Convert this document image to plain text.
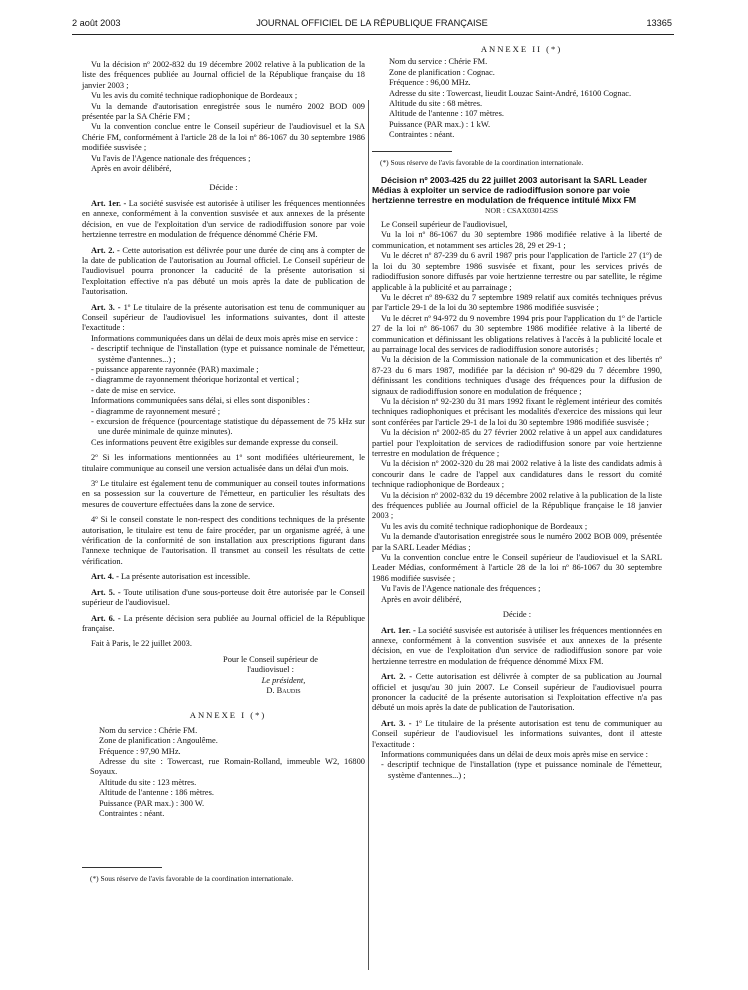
2 août 2003	JOURNAL OFFICIEL DE LA RÉPUBLIQUE FRANÇAISE	13365

Vu la décision nº 2002-832 du 19 décembre 2002 relative à la publication de la liste des fréquences publiée au Journal officiel de la République française du 18 janvier 2003 ;

Vu les avis du comité technique radiophonique de Bordeaux ;

Vu la demande d'autorisation enregistrée sous le numéro 2002 BOD 009 présentée par la SA Chérie FM ;

Vu la convention conclue entre le Conseil supérieur de l'audiovisuel et la SA Chérie FM, conformément à l'article 28 de la loi nº 86-1067 du 30 septembre 1986 modifiée susvisée ;

Vu l'avis de l'Agence nationale des fréquences ;

Après en avoir délibéré,

Décide :

Art. 1er. - La société susvisée est autorisée à utiliser les fréquences mentionnées en annexe, conformément à la convention susvisée et aux annexes de la présente décision, en vue de l'exploitation d'un service de radiodiffusion sonore par voie hertzienne terrestre en modulation de fréquence dénommé Chérie FM.

Art. 2. - Cette autorisation est délivrée pour une durée de cinq ans à compter de la date de publication de l'autorisation au Journal officiel. Le Conseil supérieur de l'audiovisuel pourra prononcer la caducité de la présente autorisation si l'exploitation effective n'a pas débuté un mois après la date de publication de l'autorisation.

Art. 3. - 1º Le titulaire de la présente autorisation est tenu de communiquer au Conseil supérieur de l'audiovisuel les informations suivantes, dont il atteste l'exactitude :

Informations communiquées dans un délai de deux mois après mise en service :

- descriptif technique de l'installation (type et puissance nominale de l'émetteur, système d'antennes...) ;

- puissance apparente rayonnée (PAR) maximale ;

- diagramme de rayonnement théorique horizontal et vertical ;

- date de mise en service.

Informations communiquées sans délai, si elles sont disponibles :

- diagramme de rayonnement mesuré ;

- excursion de fréquence (pourcentage statistique du dépassement de 75 kHz sur une durée minimale de quinze minutes).

Ces informations peuvent être exigibles sur demande expresse du conseil.

2º Si les informations mentionnées au 1º sont modifiées ultérieurement, le titulaire communique au conseil une version actualisée dans un délai d'un mois.

3º Le titulaire est également tenu de communiquer au conseil toutes informations en sa possession sur la couverture de l'émetteur, en particulier les résultats des mesures de couverture effectuées dans la zone de service.

4º Si le conseil constate le non-respect des conditions techniques de la présente autorisation, le titulaire est tenu de faire procéder, par un organisme agréé, à une vérification de la conformité de son installation aux prescriptions figurant dans l'annexe technique de l'autorisation. Il transmet au conseil les résultats de cette vérification.

Art. 4. - La présente autorisation est incessible.

Art. 5. - Toute utilisation d'une sous-porteuse doit être autorisée par le Conseil supérieur de l'audiovisuel.

Art. 6. - La présente décision sera publiée au Journal officiel de la République française.

Fait à Paris, le 22 juillet 2003.

Pour le Conseil supérieur de l'audiovisuel :

Le président,

D. Baudis

ANNEXE I (*)

Nom du service : Chérie FM.

Zone de planification : Angoulême.

Fréquence : 97,90 MHz.

Adresse du site : Towercast, rue Romain-Rolland, immeuble W2, 16800 Soyaux.

Altitude du site : 123 mètres.

Altitude de l'antenne : 186 mètres.

Puissance (PAR max.) : 300 W.

Contraintes : néant.

(*) Sous réserve de l'avis favorable de la coordination internationale.

ANNEXE II (*)

Nom du service : Chérie FM.

Zone de planification : Cognac.

Fréquence : 96,00 MHz.

Adresse du site : Towercast, lieudit Louzac Saint-André, 16100 Cognac.

Altitude du site : 68 mètres.

Altitude de l'antenne : 107 mètres.

Puissance (PAR max.) : 1 kW.

Contraintes : néant.

(*) Sous réserve de l'avis favorable de la coordination internationale.

Décision nº 2003-425 du 22 juillet 2003 autorisant la SARL Leader Médias à exploiter un service de radiodiffusion sonore par voie hertzienne terrestre en modulation de fréquence intitulé Mixx FM

NOR : CSAX0301425S

Le Conseil supérieur de l'audiovisuel,

Vu la loi nº 86-1067 du 30 septembre 1986 modifiée relative à la liberté de communication, et notamment ses articles 28, 29 et 29-1 ;

Vu le décret nº 87-239 du 6 avril 1987 pris pour l'application de l'article 27 (1º) de la loi du 30 septembre 1986 susvisée et fixant, pour les services privés de radiodiffusion sonore diffusés par voie hertzienne terrestre ou par satellite, le régime applicable à la publicité et au parrainage ;

Vu le décret nº 89-632 du 7 septembre 1989 relatif aux comités techniques prévus par l'article 29-1 de la loi du 30 septembre 1986 modifiée susvisée ;

Vu le décret nº 94-972 du 9 novembre 1994 pris pour l'application du 1º de l'article 27 de la loi nº 86-1067 du 30 septembre 1986 modifiée relative à la liberté de communication et définissant les obligations relatives à l'accès à la publicité locale et au parrainage local des services de radiodiffusion sonore autorisés ;

Vu la décision de la Commission nationale de la communication et des libertés nº 87-23 du 6 mars 1987, modifiée par la décision nº 90-829 du 7 décembre 1990, définissant les conditions techniques d'usage des fréquences pour la diffusion de signaux de radiodiffusion sonore en modulation de fréquence ;

Vu la décision nº 92-230 du 31 mars 1992 fixant le règlement intérieur des comités techniques radiophoniques et précisant les modalités d'exercice des missions qui leur sont conférées par l'article 29-1 de la loi du 30 septembre 1986 modifiée susvisée ;

Vu la décision nº 2002-85 du 27 février 2002 relative à un appel aux candidatures partiel pour l'exploitation de services de radiodiffusion sonore par voie hertzienne terrestre en modulation de fréquence ;

Vu la décision nº 2002-320 du 28 mai 2002 relative à la liste des candidats admis à concourir dans le cadre de l'appel aux candidatures dans le ressort du comité technique radiophonique de Bordeaux ;

Vu la décision nº 2002-832 du 19 décembre 2002 relative à la publication de la liste des fréquences publiée au Journal officiel de la République française le 18 janvier 2003 ;

Vu les avis du comité technique radiophonique de Bordeaux ;

Vu la demande d'autorisation enregistrée sous le numéro 2002 BOB 009, présentée par la SARL Leader Médias ;

Vu la convention conclue entre le Conseil supérieur de l'audiovisuel et la SARL Leader Médias, conformément à l'article 28 de la loi nº 86-1067 du 30 septembre 1986 modifiée susvisée ;

Vu l'avis de l'Agence nationale des fréquences ;

Après en avoir délibéré,

Décide :

Art. 1er. - La société susvisée est autorisée à utiliser les fréquences mentionnées en annexe, conformément à la convention susvisée et aux annexes de la présente décision, en vue de l'exploitation d'un service de radiodiffusion sonore par voie hertzienne terrestre en modulation de fréquence dénommé Mixx FM.

Art. 2. - Cette autorisation est délivrée à compter de sa publication au Journal officiel et jusqu'au 30 juin 2007. Le Conseil supérieur de l'audiovisuel pourra prononcer la caducité de la présente autorisation si l'exploitation effective n'a pas débuté un mois après la date de publication de l'autorisation.

Art. 3. - 1º Le titulaire de la présente autorisation est tenu de communiquer au Conseil supérieur de l'audiovisuel les informations suivantes, dont il atteste l'exactitude :

Informations communiquées dans un délai de deux mois après mise en service :

- descriptif technique de l'installation (type et puissance nominale de l'émetteur, système d'antennes...) ;
